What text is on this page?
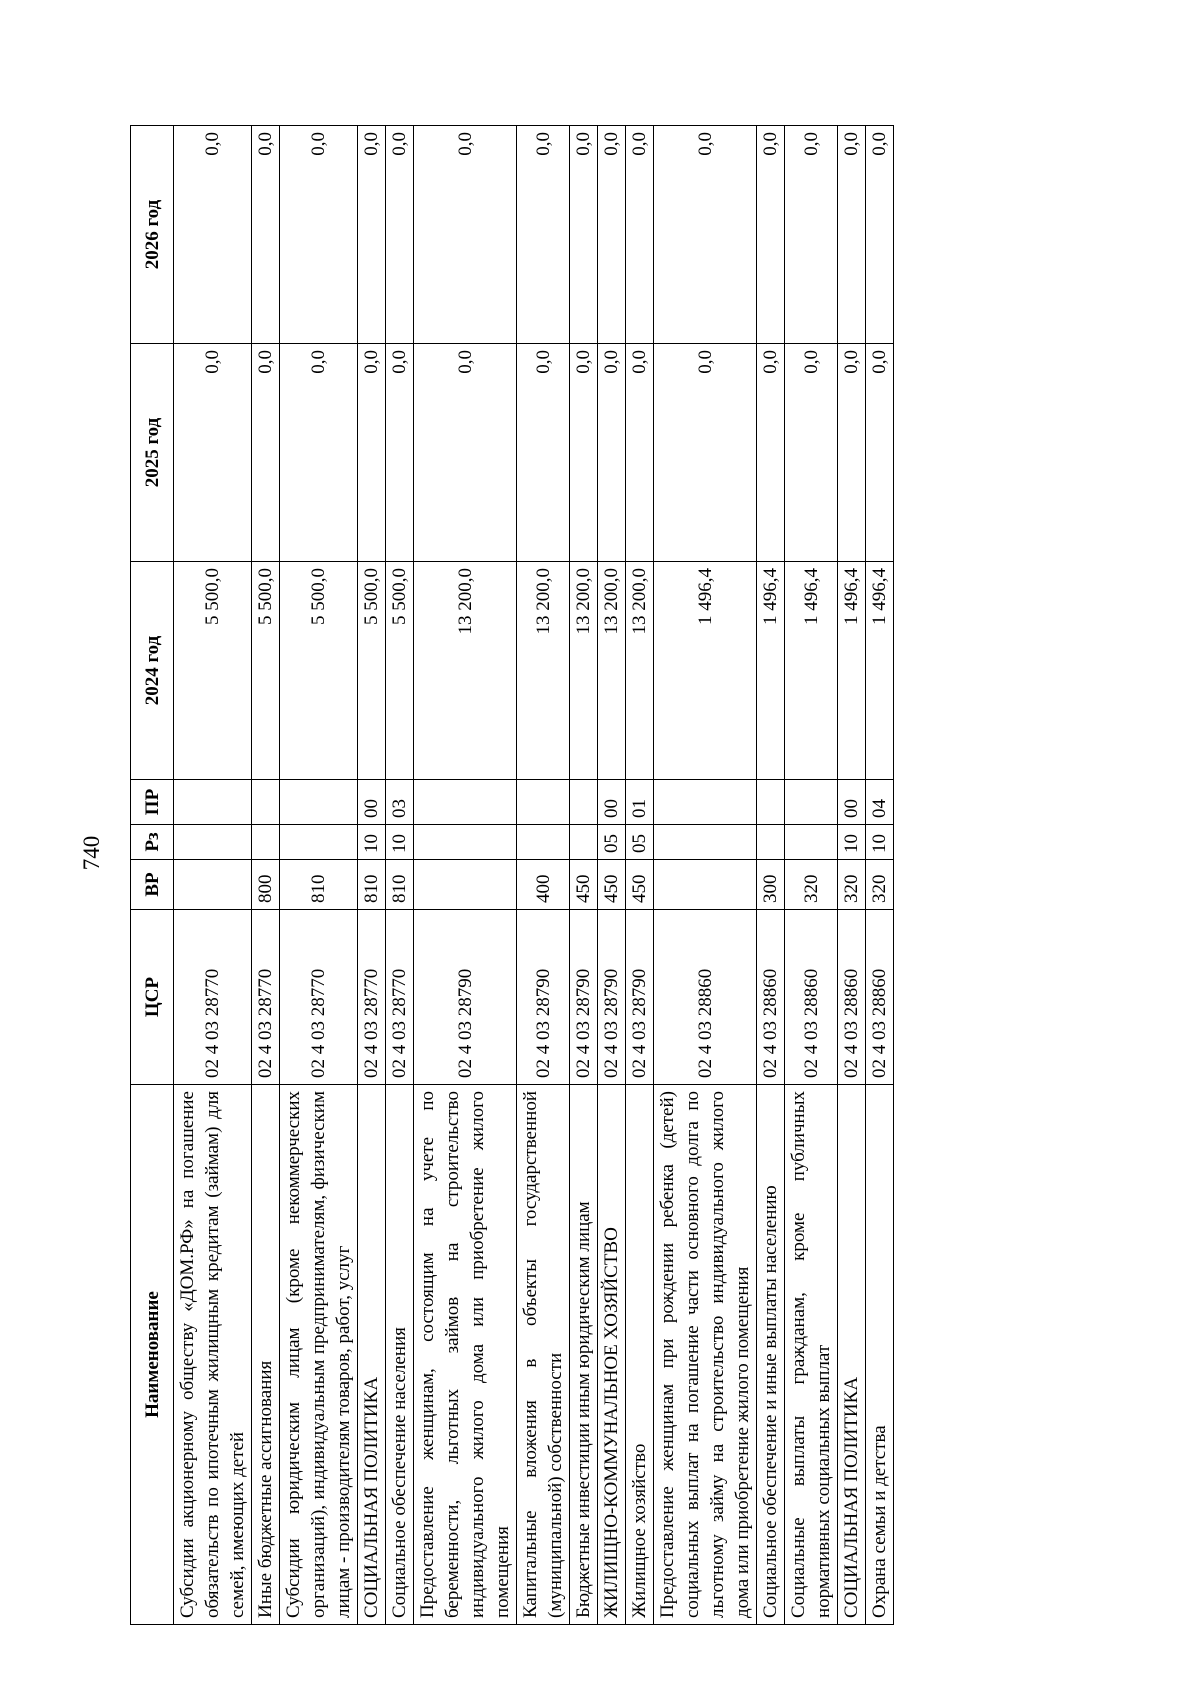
740
Наименование	ЦСР	ВР	Рз	ПР	2024 год	2025 год	2026 год
Субсидии акционерному обществу «ДОМ.РФ» на погашение обязательств по ипотечным жилищным кредитам (займам) для семей, имеющих детей	02 4 03 28770				5 500,0	0,0	0,0
Иные бюджетные ассигнования	02 4 03 28770	800			5 500,0	0,0	0,0
Субсидии юридическим лицам (кроме некоммерческих организаций), индивидуальным предпринимателям, физическим лицам - производителям товаров, работ, услуг	02 4 03 28770	810			5 500,0	0,0	0,0
СОЦИАЛЬНАЯ ПОЛИТИКА	02 4 03 28770	810	10	00	5 500,0	0,0	0,0
Социальное обеспечение населения	02 4 03 28770	810	10	03	5 500,0	0,0	0,0
Предоставление женщинам, состоящим на учете по беременности, льготных займов на строительство индивидуального жилого дома или приобретение жилого помещения	02 4 03 28790				13 200,0	0,0	0,0
Капитальные вложения в объекты государственной (муниципальной) собственности	02 4 03 28790	400			13 200,0	0,0	0,0
Бюджетные инвестиции иным юридическим лицам	02 4 03 28790	450			13 200,0	0,0	0,0
ЖИЛИЩНО-КОММУНАЛЬНОЕ ХОЗЯЙСТВО	02 4 03 28790	450	05	00	13 200,0	0,0	0,0
Жилищное хозяйство	02 4 03 28790	450	05	01	13 200,0	0,0	0,0
Предоставление женщинам при рождении ребенка (детей) социальных выплат на погашение части основного долга по льготному займу на строительство индивидуального жилого дома или приобретение жилого помещения	02 4 03 28860				1 496,4	0,0	0,0
Социальное обеспечение и иные выплаты населению	02 4 03 28860	300			1 496,4	0,0	0,0
Социальные выплаты гражданам, кроме публичных нормативных социальных выплат	02 4 03 28860	320			1 496,4	0,0	0,0
СОЦИАЛЬНАЯ ПОЛИТИКА	02 4 03 28860	320	10	00	1 496,4	0,0	0,0
Охрана семьи и детства	02 4 03 28860	320	10	04	1 496,4	0,0	0,0
